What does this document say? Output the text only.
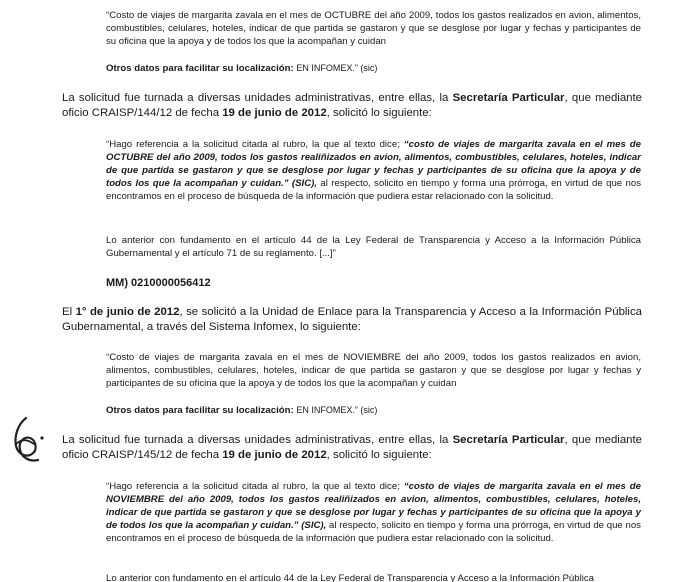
“Costo de viajes de margarita zavala en el mes de OCTUBRE del año 2009, todos los gastos realizados en avion, alimentos, combustibles, celulares, hoteles, indicar de que partida se gastaron y que se desglose por lugar y fechas y participantes de su oficina que la apoya y de todos los que la acompañan y cuidan

Otros datos para facilitar su localización: EN INFOMEX.” (sic)

La solicitud fue turnada a diversas unidades administrativas, entre ellas, la Secretaría Particular, que mediante oficio CRAISP/144/12 de fecha 19 de junio de 2012, solicitó lo siguiente:

“Hago referencia a la solicitud citada al rubro, la que al texto dice; “costo de viajes de margarita zavala en el mes de OCTUBRE del año 2009, todos los gastos realiñizados en avion, alimentos, combustibles, celulares, hoteles, indicar de que partida se gastaron y que se desglose por lugar y fechas y participantes de su oficina que la apoya y de todos los que la acompañan y cuidan.” (SIC), al respecto, solicito en tiempo y forma una prórroga, en virtud de que nos encontramos en el proceso de búsqueda de la información que pudiera estar relacionado con la solicitud.

Lo anterior con fundamento en el artículo 44 de la Ley Federal de Transparencia y Acceso a la Información Pública Gubernamental y el artículo 71 de su reglamento. [...]”

MM) 0210000056412

El 1° de junio de 2012, se solicitó a la Unidad de Enlace para la Transparencia y Acceso a la Información Pública Gubernamental, a través del Sistema Infomex, lo siguiente:

“Costo de viajes de margarita zavala en el mes de NOVIEMBRE del año 2009, todos los gastos realizados en avion, alimentos, combustibles, celulares, hoteles, indicar de que partida se gastaron y que se desglose por lugar y fechas y participantes de su oficina que la apoya y de todos los que la acompañan y cuidan

Otros datos para facilitar su localización: EN INFOMEX.” (sic)

La solicitud fue turnada a diversas unidades administrativas, entre ellas, la Secretaría Particular, que mediante oficio CRAISP/145/12 de fecha 19 de junio de 2012, solicitó lo siguiente:

“Hago referencia a la solicitud citada al rubro, la que al texto dice; “costo de viajes de margarita zavala en el mes de NOVIEMBRE del año 2009, todos los gastos realiñizados en avion, alimentos, combustibles, celulares, hoteles, indicar de que partida se gastaron y que se desglose por lugar y fechas y participantes de su oficina que la apoya y de todos los que la acompañan y cuidan.” (SIC), al respecto, solicito en tiempo y forma una prórroga, en virtud de que nos encontramos en el proceso de búsqueda de la información que pudiera estar relacionado con la solicitud.

Lo anterior con fundamento en el artículo 44 de la Ley Federal de Transparencia y Acceso a la Información Pública
